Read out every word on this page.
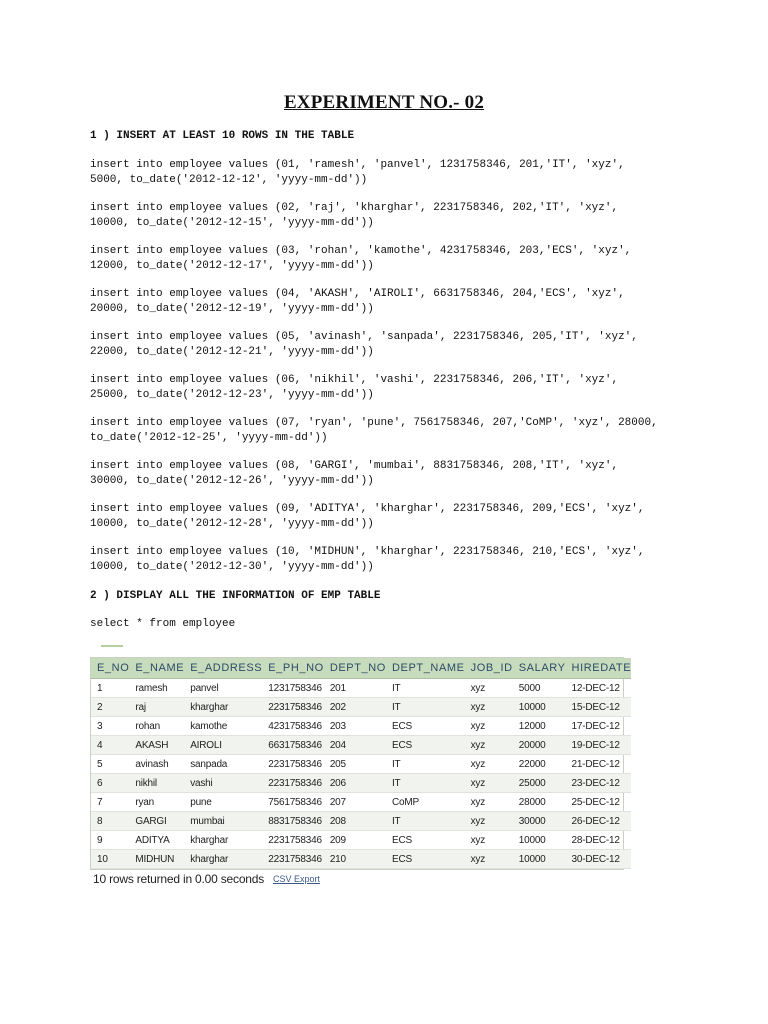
EXPERIMENT NO.- 02
1 ) INSERT AT LEAST 10 ROWS IN THE TABLE
insert into employee values (01, 'ramesh', 'panvel', 1231758346, 201,'IT', 'xyz',
5000, to_date('2012-12-12', 'yyyy-mm-dd'))
insert into employee values (02, 'raj', 'kharghar', 2231758346, 202,'IT', 'xyz',
10000, to_date('2012-12-15', 'yyyy-mm-dd'))
insert into employee values (03, 'rohan', 'kamothe', 4231758346, 203,'ECS', 'xyz',
12000, to_date('2012-12-17', 'yyyy-mm-dd'))
insert into employee values (04, 'AKASH', 'AIROLI', 6631758346, 204,'ECS', 'xyz',
20000, to_date('2012-12-19', 'yyyy-mm-dd'))
insert into employee values (05, 'avinash', 'sanpada', 2231758346, 205,'IT', 'xyz',
22000, to_date('2012-12-21', 'yyyy-mm-dd'))
insert into employee values (06, 'nikhil', 'vashi', 2231758346, 206,'IT', 'xyz',
25000, to_date('2012-12-23', 'yyyy-mm-dd'))
insert into employee values (07, 'ryan', 'pune', 7561758346, 207,'CoMP', 'xyz', 28000,
to_date('2012-12-25', 'yyyy-mm-dd'))
insert into employee values (08, 'GARGI', 'mumbai', 8831758346, 208,'IT', 'xyz',
30000, to_date('2012-12-26', 'yyyy-mm-dd'))
insert into employee values (09, 'ADITYA', 'kharghar', 2231758346, 209,'ECS', 'xyz',
10000, to_date('2012-12-28', 'yyyy-mm-dd'))
insert into employee values (10, 'MIDHUN', 'kharghar', 2231758346, 210,'ECS', 'xyz',
10000, to_date('2012-12-30', 'yyyy-mm-dd'))
2 ) DISPLAY ALL THE INFORMATION OF EMP TABLE
select * from employee
E_NO	E_NAME	E_ADDRESS	E_PH_NO	DEPT_NO	DEPT_NAME	JOB_ID	SALARY	HIREDATE
1	ramesh	panvel	1231758346	201	IT	xyz	5000	12-DEC-12
2	raj	kharghar	2231758346	202	IT	xyz	10000	15-DEC-12
3	rohan	kamothe	4231758346	203	ECS	xyz	12000	17-DEC-12
4	AKASH	AIROLI	6631758346	204	ECS	xyz	20000	19-DEC-12
5	avinash	sanpada	2231758346	205	IT	xyz	22000	21-DEC-12
6	nikhil	vashi	2231758346	206	IT	xyz	25000	23-DEC-12
7	ryan	pune	7561758346	207	CoMP	xyz	28000	25-DEC-12
8	GARGI	mumbai	8831758346	208	IT	xyz	30000	26-DEC-12
9	ADITYA	kharghar	2231758346	209	ECS	xyz	10000	28-DEC-12
10	MIDHUN	kharghar	2231758346	210	ECS	xyz	10000	30-DEC-12
10 rows returned in 0.00 seconds CSV Export
